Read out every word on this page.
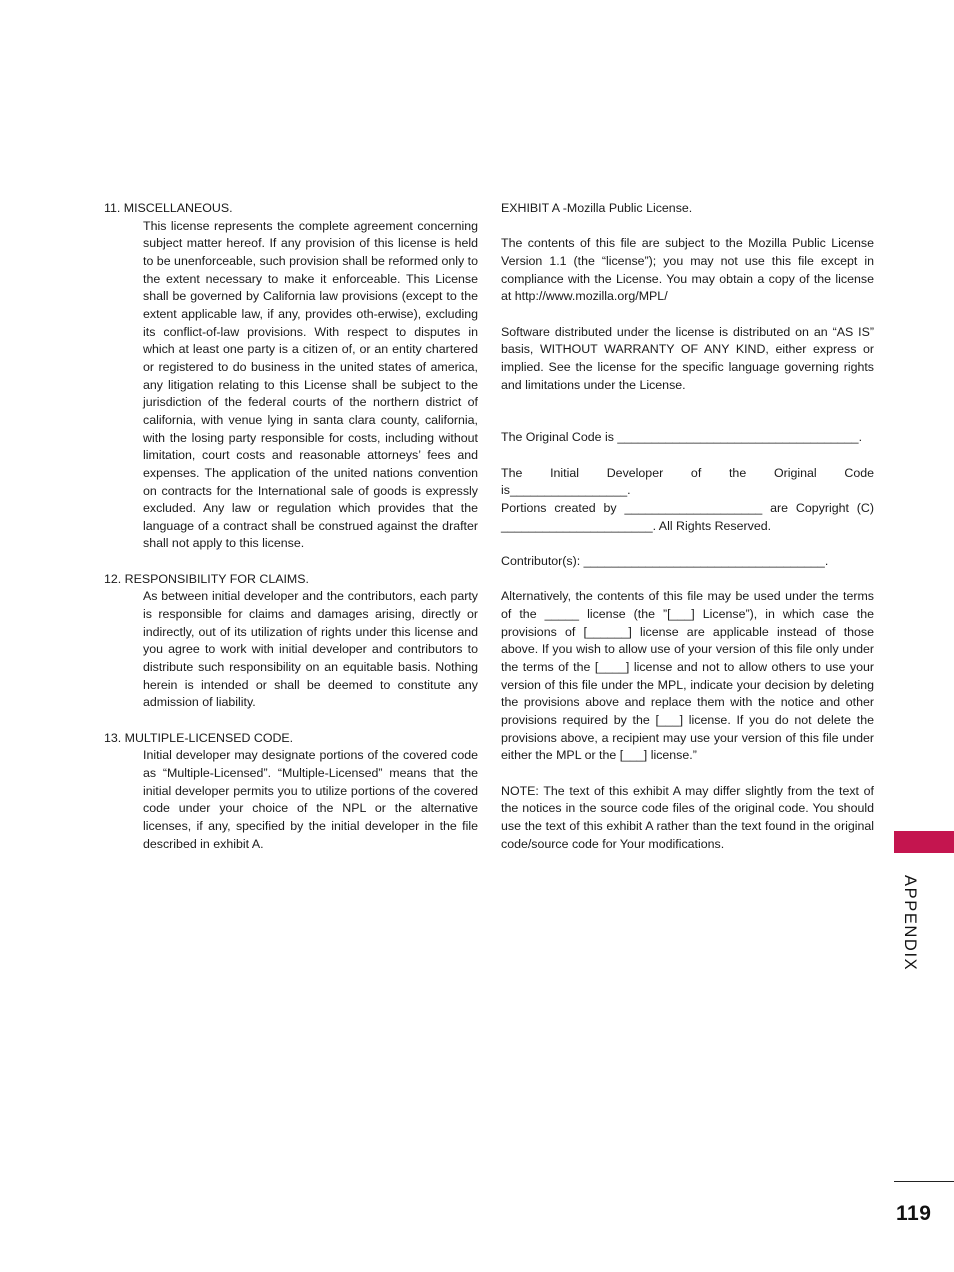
11. MISCELLANEOUS.

This license represents the complete agreement concerning subject matter hereof. If any provision of this license is held to be unenforceable, such provision shall be reformed only to the extent necessary to make it enforceable. This License shall be governed by California law provisions (except to the extent applicable law, if any, provides oth-erwise), excluding its conflict-of-law provisions. With respect to disputes in which at least one party is a citizen of, or an entity chartered or registered to do business in the united states of america, any litigation relating to this License shall be subject to the jurisdiction of the federal courts of the northern district of california, with venue lying in santa clara county, california, with the losing party responsible for costs, including without limitation, court costs and reasonable attorneys’ fees and expenses. The application of the united nations convention on contracts for the International sale of goods is expressly excluded. Any law or regulation which provides that the language of a contract shall be construed against the drafter shall not apply to this license.

12. RESPONSIBILITY FOR CLAIMS.

As between initial developer and the contributors, each party is responsible for claims and damages arising, directly or indirectly, out of its utilization of rights under this license and you agree to work with initial developer and contributors to distribute such responsibility on an equitable basis. Nothing herein is intended or shall be deemed to constitute any admission of liability.

13. MULTIPLE-LICENSED CODE.

Initial developer may designate portions of the covered code as “Multiple-Licensed”. “Multiple-Licensed” means that the initial developer permits you to utilize portions of the covered code under your choice of the NPL or the alternative licenses, if any, specified by the initial developer in the file described in exhibit A.

EXHIBIT A -Mozilla Public License.

The contents of this file are subject to the Mozilla Public License Version 1.1 (the “license”); you may not use this file except in compliance with the License. You may obtain a copy of the license at http://www.mozilla.org/MPL/

Software distributed under the license is distributed on an “AS IS” basis, WITHOUT WARRANTY OF ANY KIND, either express or implied. See the license for the specific language governing rights and limitations under the License.

The Original Code is ___________________________________.

The Initial Developer of the Original Code

is_________________.

Portions created by ____________________ are Copyright (C)

______________________. All Rights Reserved.

Contributor(s): ___________________________________.

Alternatively, the contents of this file may be used under the terms of the _____ license (the ”[___] License”), in which case the provisions of [______] license are applicable instead of those above. If you wish to allow use of your version of this file only under the terms of the [____] license and not to allow others to use your version of this file under the MPL, indicate your decision by deleting the provisions above and replace them with the notice and other provisions required by the [___] license. If you do not delete the provisions above, a recipient may use your version of this file under either the MPL or the [___] license.”

NOTE: The text of this exhibit A may differ slightly from the text of the notices in the source code files of the original code. You should use the text of this exhibit A rather than the text found in the original code/source code for Your modifications.

APPENDIX
119
